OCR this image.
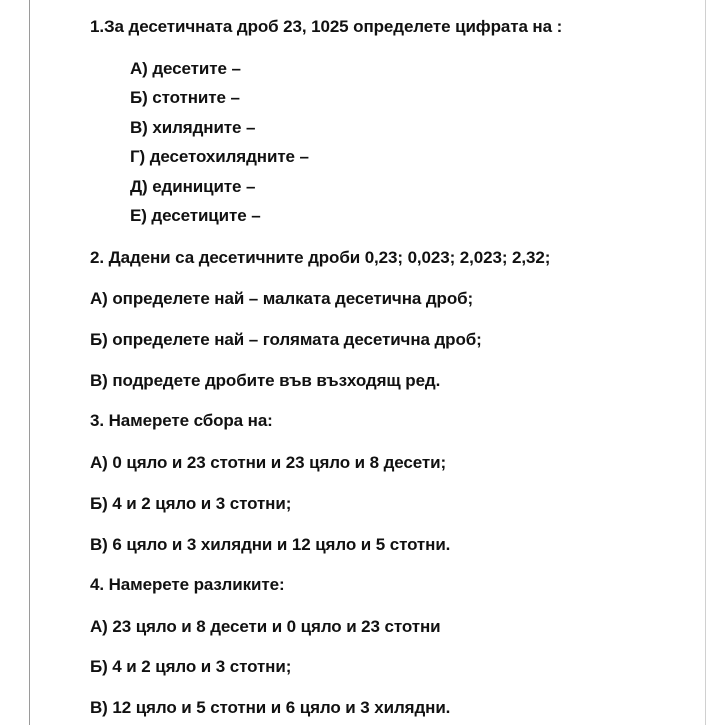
1.За десетичната дроб 23, 1025 определете цифрата на :
А) десетите –
Б) стотните –
В) хилядните –
Г) десетохилядните –
Д) единиците –
Е) десетиците –
2. Дадени са десетичните дроби 0,23; 0,023; 2,023; 2,32;
А) определете най – малката десетична дроб;
Б) определете най – голямата десетична дроб;
В) подредете дробите във възходящ ред.
3. Намерете сбора на:
А) 0 цяло и 23 стотни и 23 цяло и 8 десети;
Б) 4 и 2 цяло и 3 стотни;
В) 6 цяло и 3 хилядни и 12 цяло и 5 стотни.
4. Намерете разликите:
А) 23 цяло и 8 десети и 0 цяло и 23 стотни
Б) 4 и 2 цяло и 3 стотни;
В) 12 цяло и 5 стотни и 6 цяло и 3 хилядни.
